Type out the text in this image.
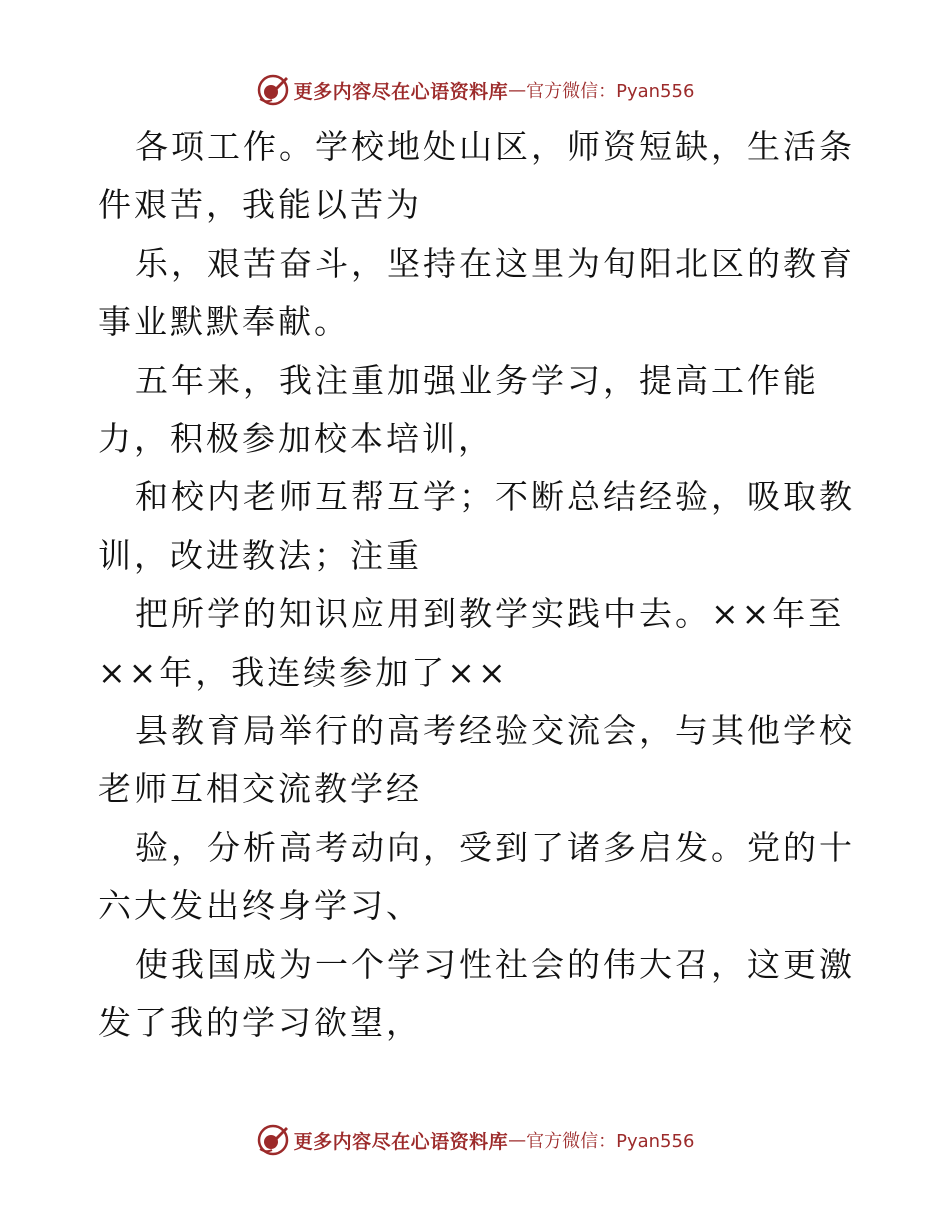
更多内容尽在心语资料库 — 官方微信：Pyan556

各项工作。学校地处山区，师资短缺，生活条件艰苦，我能以苦为

乐，艰苦奋斗，坚持在这里为旬阳北区的教育事业默默奉献。

五年来，我注重加强业务学习，提高工作能力，积极参加校本培训，

和校内老师互帮互学；不断总结经验，吸取教训，改进教法；注重

把所学的知识应用到教学实践中去。××年至××年，我连续参加了××

县教育局举行的高考经验交流会，与其他学校老师互相交流教学经

验，分析高考动向，受到了诸多启发。党的十六大发出终身学习、

使我国成为一个学习性社会的伟大召，这更激发了我的学习欲望，

更多内容尽在心语资料库 — 官方微信：Pyan556
